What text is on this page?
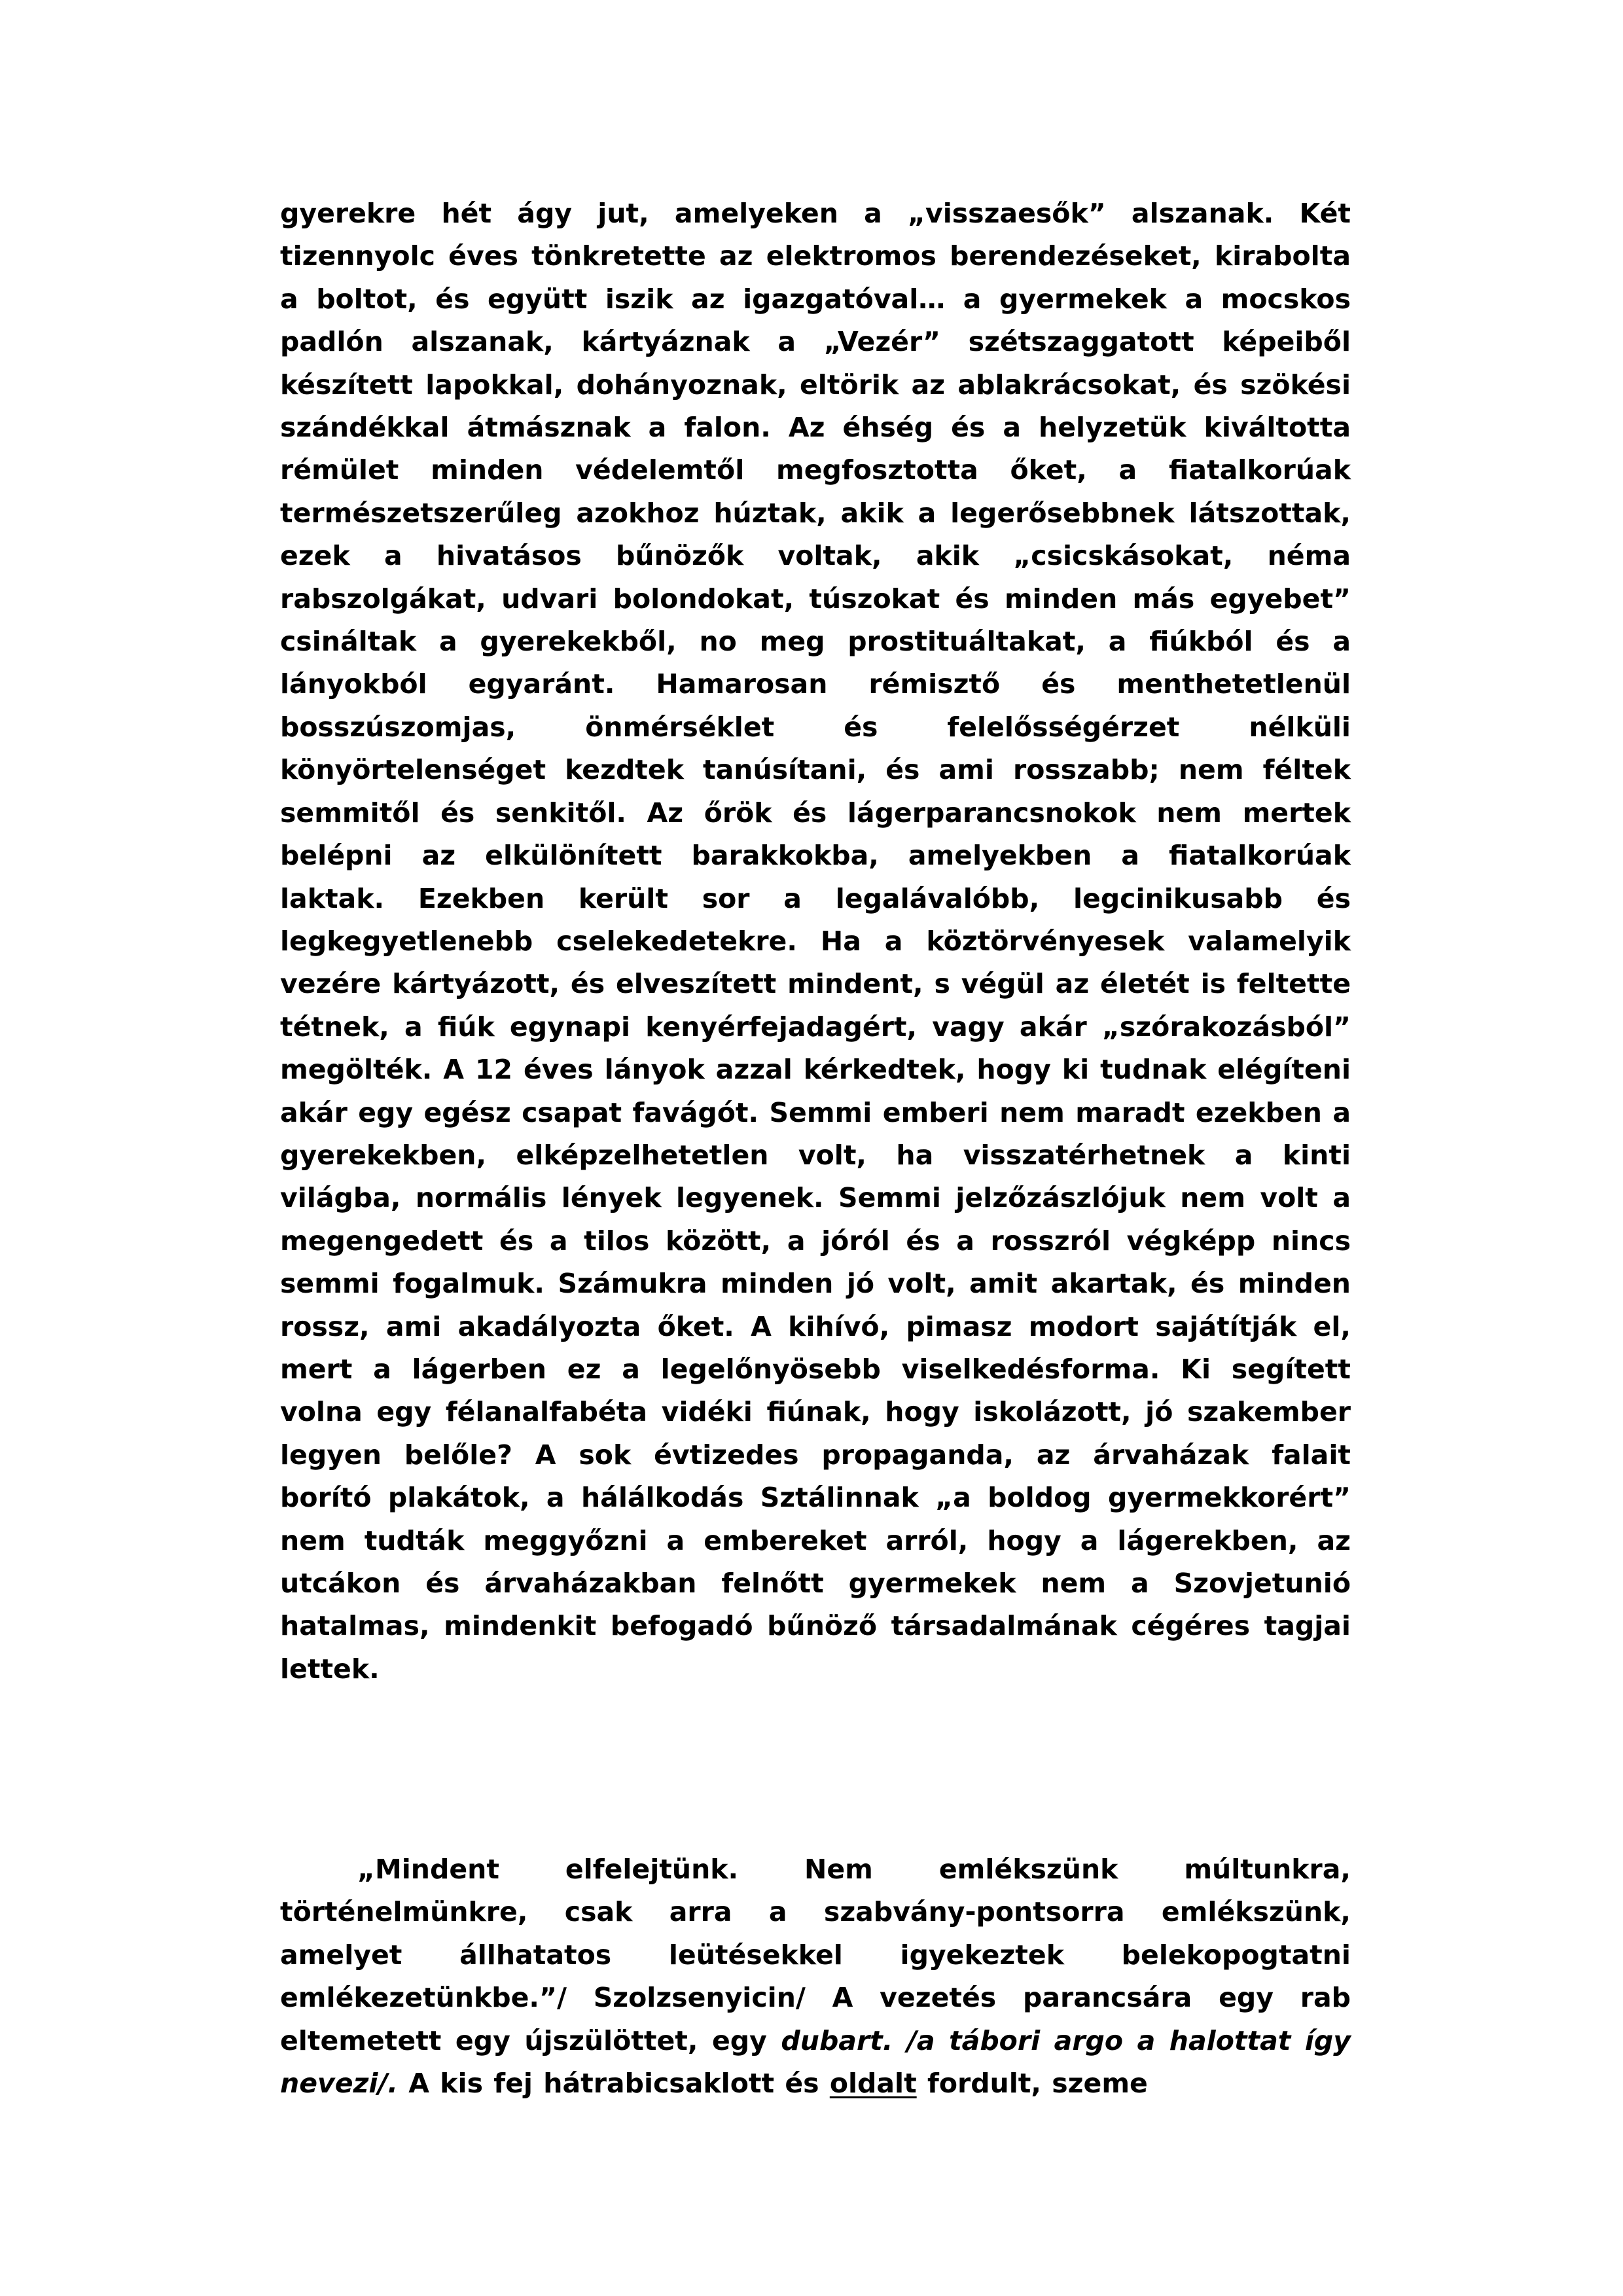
gyerekre hét ágy jut, amelyeken a „visszaesők” alszanak. Két tizennyolc éves tönkretette az elektromos berendezéseket, kirabolta a boltot, és együtt iszik az igazgatóval… a gyermekek a mocskos padlón alszanak, kártyáznak a „Vezér” szétszaggatott képeiből készített lapokkal, dohányoznak, eltörik az ablakrácsokat, és szökési szándékkal átmásznak a falon. Az éhség és a helyzetük kiváltotta rémület minden védelemtől megfosztotta őket, a fiatalkorúak természetszerűleg azokhoz húztak, akik a legerősebbnek látszottak, ezek a hivatásos bűnözők voltak, akik „csicskásokat, néma rabszolgákat, udvari bolondokat, túszokat és minden más egyebet” csináltak a gyerekekből, no meg prostituáltakat, a fiúkból és a lányokból egyaránt. Hamarosan rémisztő és menthetetlenül bosszúszomjas, önmérséklet és felelősségérzet nélküli könyörtelenséget kezdtek tanúsítani, és ami rosszabb; nem féltek semmitől és senkitől. Az őrök és lágerparancsnokok nem mertek belépni az elkülönített barakkokba, amelyekben a fiatalkorúak laktak. Ezekben került sor a legalávalóbb, legcinikusabb és legkegyetlenebb cselekedetekre. Ha a köztörvényesek valamelyik vezére kártyázott, és elveszített mindent, s végül az életét is feltette tétnek, a fiúk egynapi kenyérfejadagért, vagy akár „szórakozásból” megölték. A 12 éves lányok azzal kérkedtek, hogy ki tudnak elégíteni akár egy egész csapat favágót. Semmi emberi nem maradt ezekben a gyerekekben, elképzelhetetlen volt, ha visszatérhetnek a kinti világba, normális lények legyenek. Semmi jelzőzászlójuk nem volt a megengedett és a tilos között, a jóról és a rosszról végképp nincs semmi fogalmuk. Számukra minden jó volt, amit akartak, és minden rossz, ami akadályozta őket. A kihívó, pimasz modort sajátítják el, mert a lágerben ez a legelőnyösebb viselkedésforma. Ki segített volna egy félanalfabéta vidéki fiúnak, hogy iskolázott, jó szakember legyen belőle? A sok évtizedes propaganda, az árvaházak falait borító plakátok, a hálálkodás Sztálinnak „a boldog gyermekkorért” nem tudták meggyőzni a embereket arról, hogy a lágerekben, az utcákon és árvaházakban felnőtt gyermekek nem a Szovjetunió hatalmas, mindenkit befogadó bűnöző társadalmának cégéres tagjai lettek.

„Mindent elfelejtünk. Nem emlékszünk múltunkra, történelmünkre, csak arra a szabvány-pontsorra emlékszünk, amelyet állhatatos leütésekkel igyekeztek belekopogtatni emlékezetünkbe.”/ Szolzsenyicin/ A vezetés parancsára egy rab eltemetett egy újszülöttet, egy dubart. /a tábori argo a halottat így nevezi/. A kis fej hátrabicsaklott és oldalt fordult, szeme
